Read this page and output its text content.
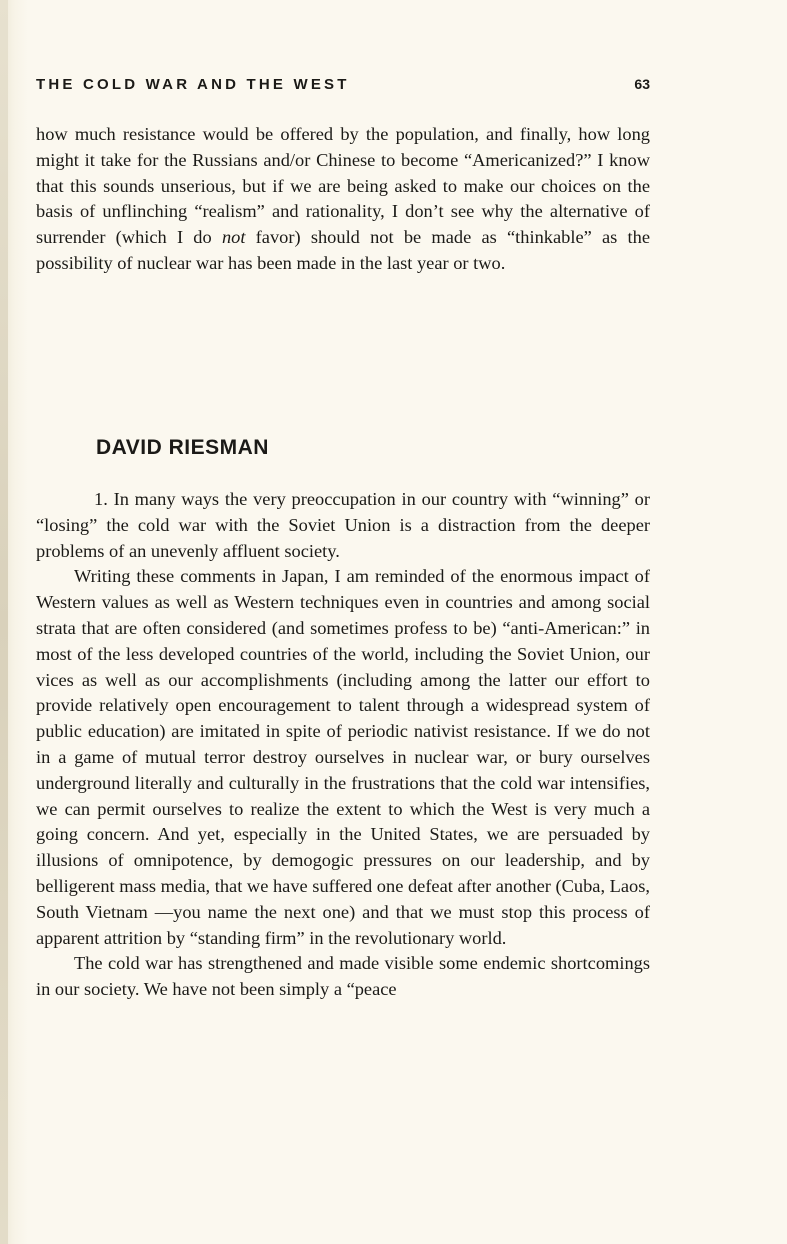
THE COLD WAR AND THE WEST	63

how much resistance would be offered by the population, and finally, how long might it take for the Russians and/or Chinese to become “Americanized?” I know that this sounds unserious, but if we are being asked to make our choices on the basis of unflinching “realism” and rationality, I don’t see why the alternative of surrender (which I do not favor) should not be made as “thinkable” as the possibility of nuclear war has been made in the last year or two.

DAVID RIESMAN

1. In many ways the very preoccupation in our country with “winning” or “losing” the cold war with the Soviet Union is a distraction from the deeper problems of an unevenly affluent society.

Writing these comments in Japan, I am reminded of the enormous impact of Western values as well as Western techniques even in countries and among social strata that are often considered (and sometimes profess to be) “anti-American:” in most of the less developed countries of the world, including the Soviet Union, our vices as well as our accomplishments (including among the latter our effort to provide relatively open encouragement to talent through a widespread system of public education) are imitated in spite of periodic nativist resistance. If we do not in a game of mutual terror destroy ourselves in nuclear war, or bury ourselves underground literally and culturally in the frustrations that the cold war intensifies, we can permit ourselves to realize the extent to which the West is very much a going concern. And yet, especially in the United States, we are persuaded by illusions of omnipotence, by demogogic pressures on our leadership, and by belligerent mass media, that we have suffered one defeat after another (Cuba, Laos, South Vietnam —you name the next one) and that we must stop this process of apparent attrition by “standing firm” in the revolutionary world.

The cold war has strengthened and made visible some endemic shortcomings in our society. We have not been simply a “peace
